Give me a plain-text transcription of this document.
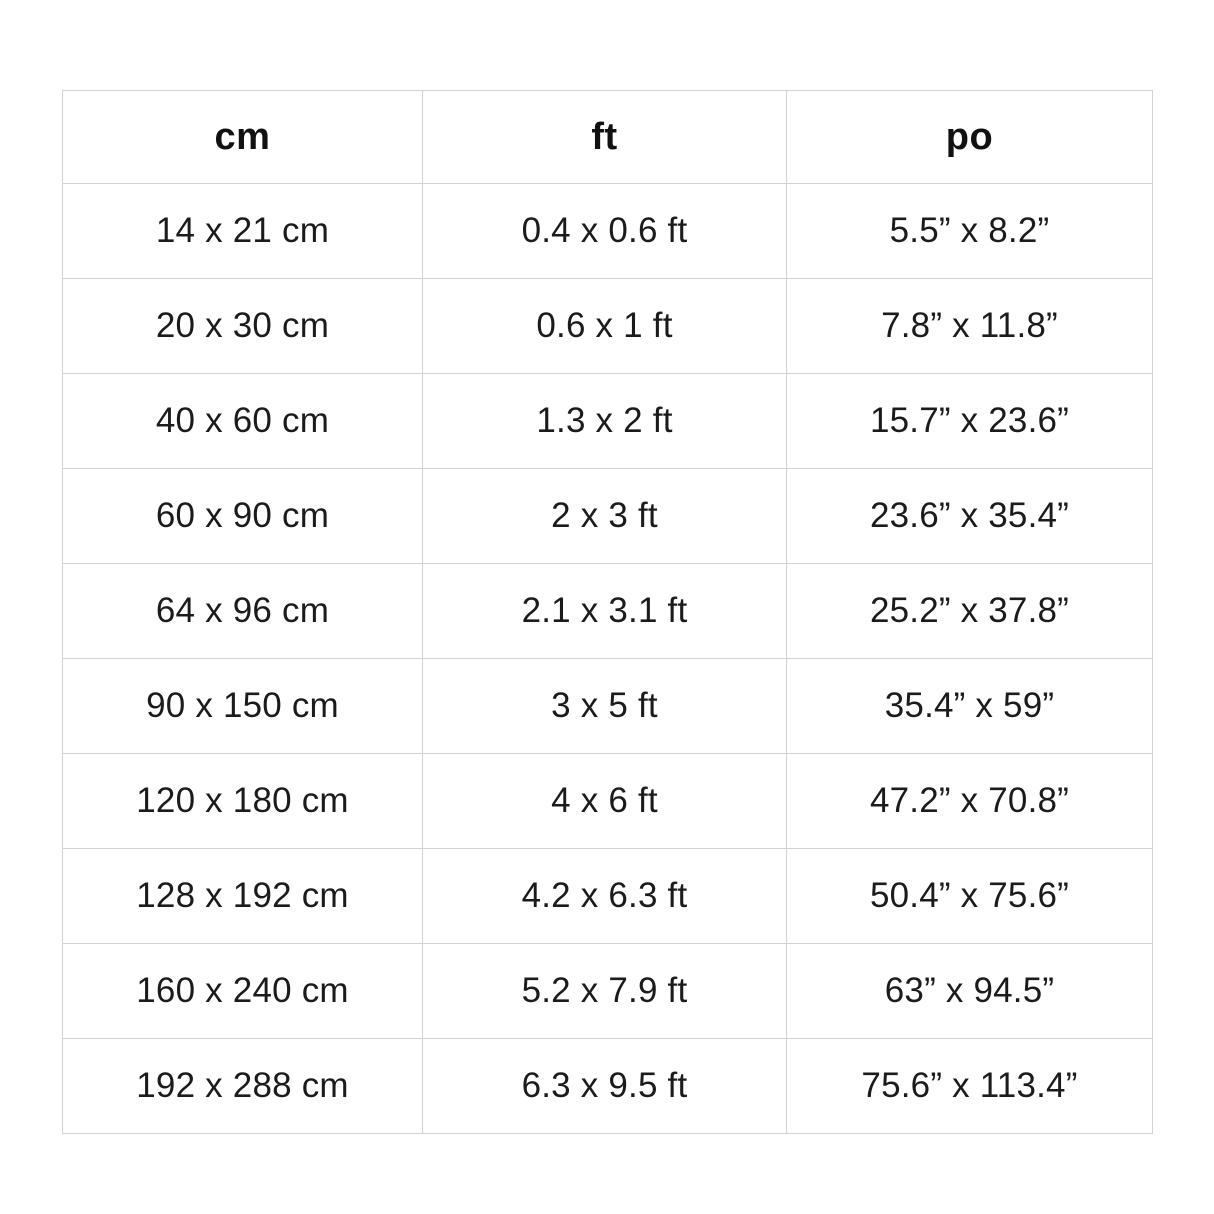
cm	ft	po
14 x 21 cm	0.4 x 0.6 ft	5.5” x 8.2”
20 x 30 cm	0.6 x 1 ft	7.8” x 11.8”
40 x 60 cm	1.3 x 2 ft	15.7” x 23.6”
60 x 90 cm	2 x 3 ft	23.6” x 35.4”
64 x 96 cm	2.1 x 3.1 ft	25.2” x 37.8”
90 x 150 cm	3 x 5 ft	35.4” x 59”
120 x 180 cm	4 x 6 ft	47.2” x 70.8”
128 x 192 cm	4.2 x 6.3 ft	50.4” x 75.6”
160 x 240 cm	5.2 x 7.9 ft	63” x 94.5”
192 x 288 cm	6.3 x 9.5 ft	75.6” x 113.4”
